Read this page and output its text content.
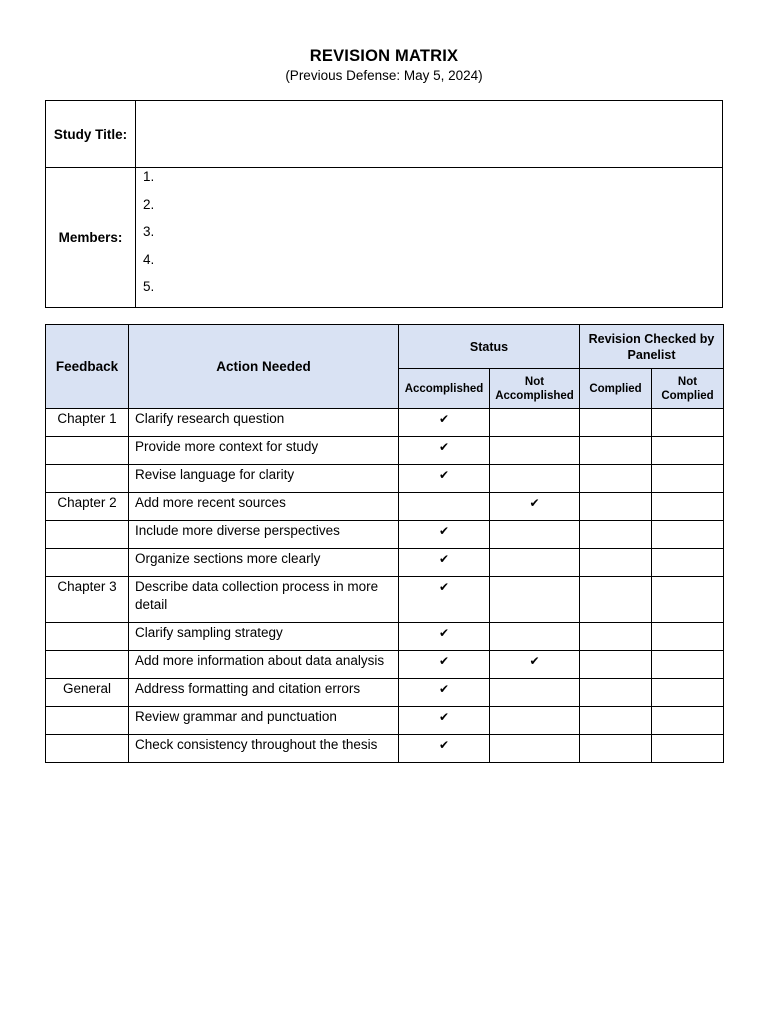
REVISION MATRIX
(Previous Defense: May 5, 2024)
Study Title:	
Members:	1.
2.
3.
4.
5.
Feedback	Action Needed	Status		Revision Checked by Panelist	
		Accomplished	Not Accomplished	Complied	Not Complied
Chapter 1	Clarify research question	✔			
	Provide more context for study	✔			
	Revise language for clarity	✔			
Chapter 2	Add more recent sources		✔		
	Include more diverse perspectives	✔			
	Organize sections more clearly	✔			
Chapter 3	Describe data collection process in more detail	✔			
	Clarify sampling strategy	✔			
	Add more information about data analysis	✔	✔		
General	Address formatting and citation errors	✔			
	Review grammar and punctuation	✔			
	Check consistency throughout the thesis	✔			
